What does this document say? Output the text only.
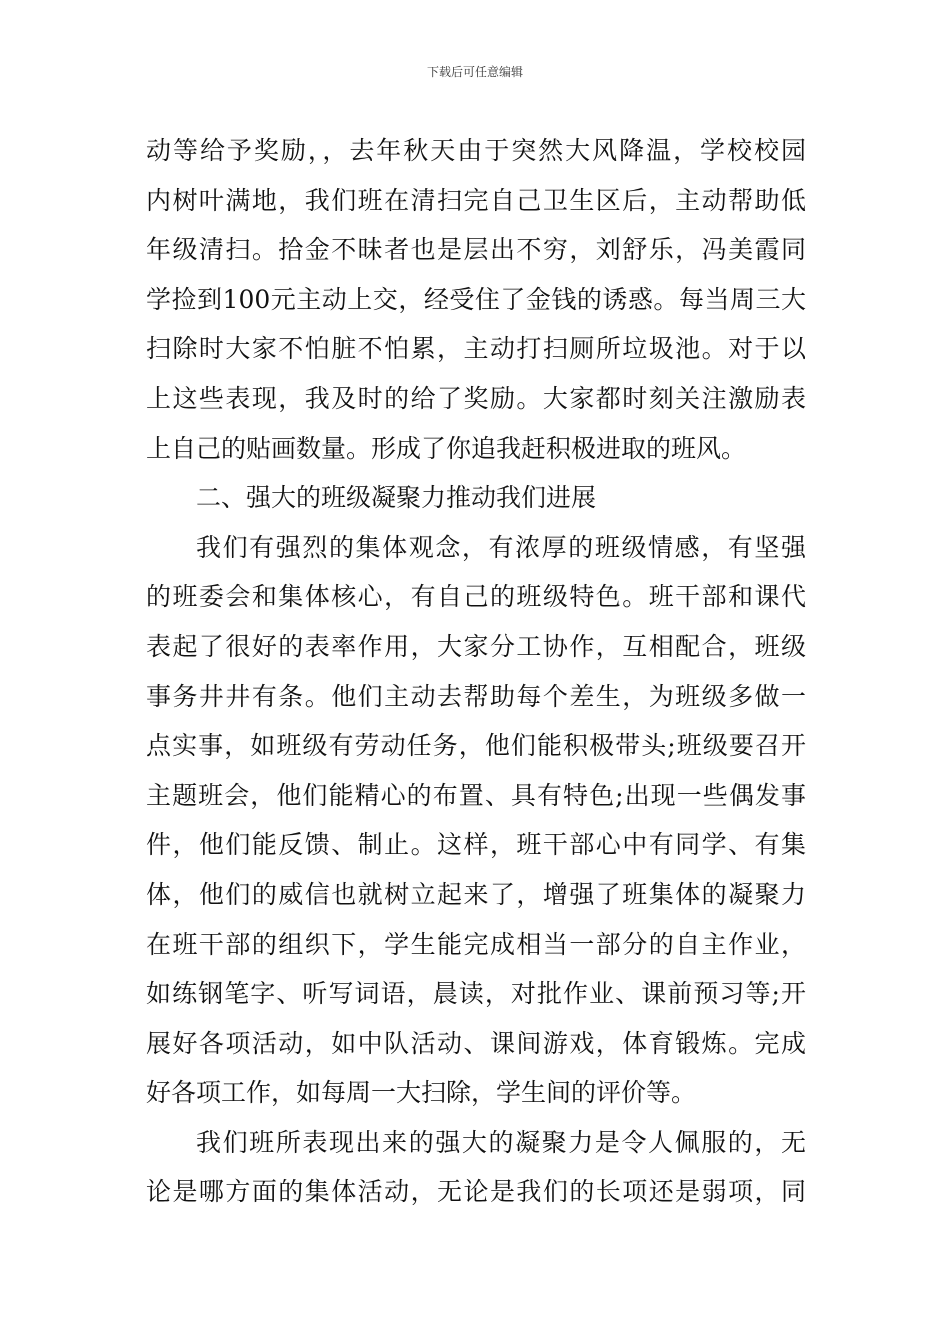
下载后可任意编辑
动等给予奖励，，去年秋天由于突然大风降温，学校校园
内树叶满地，我们班在清扫完自己卫生区后，主动帮助低
年级清扫。拾金不昧者也是层出不穷，刘舒乐，冯美霞同
学捡到100元主动上交，经受住了金钱的诱惑。每当周三大
扫除时大家不怕脏不怕累，主动打扫厕所垃圾池。对于以
上这些表现，我及时的给了奖励。大家都时刻关注激励表
上自己的贴画数量。形成了你追我赶积极进取的班风。
二、强大的班级凝聚力推动我们进展
我们有强烈的集体观念，有浓厚的班级情感，有坚强
的班委会和集体核心，有自己的班级特色。班干部和课代
表起了很好的表率作用，大家分工协作，互相配合，班级
事务井井有条。他们主动去帮助每个差生，为班级多做一
点实事，如班级有劳动任务，他们能积极带头;班级要召开
主题班会，他们能精心的布置、具有特色;出现一些偶发事
件，他们能反馈、制止。这样，班干部心中有同学、有集
体，他们的威信也就树立起来了，增强了班集体的凝聚力
在班干部的组织下，学生能完成相当一部分的自主作业，
如练钢笔字、听写词语，晨读，对批作业、课前预习等;开
展好各项活动，如中队活动、课间游戏，体育锻炼。完成
好各项工作，如每周一大扫除，学生间的评价等。
我们班所表现出来的强大的凝聚力是令人佩服的，无
论是哪方面的集体活动，无论是我们的长项还是弱项，同
